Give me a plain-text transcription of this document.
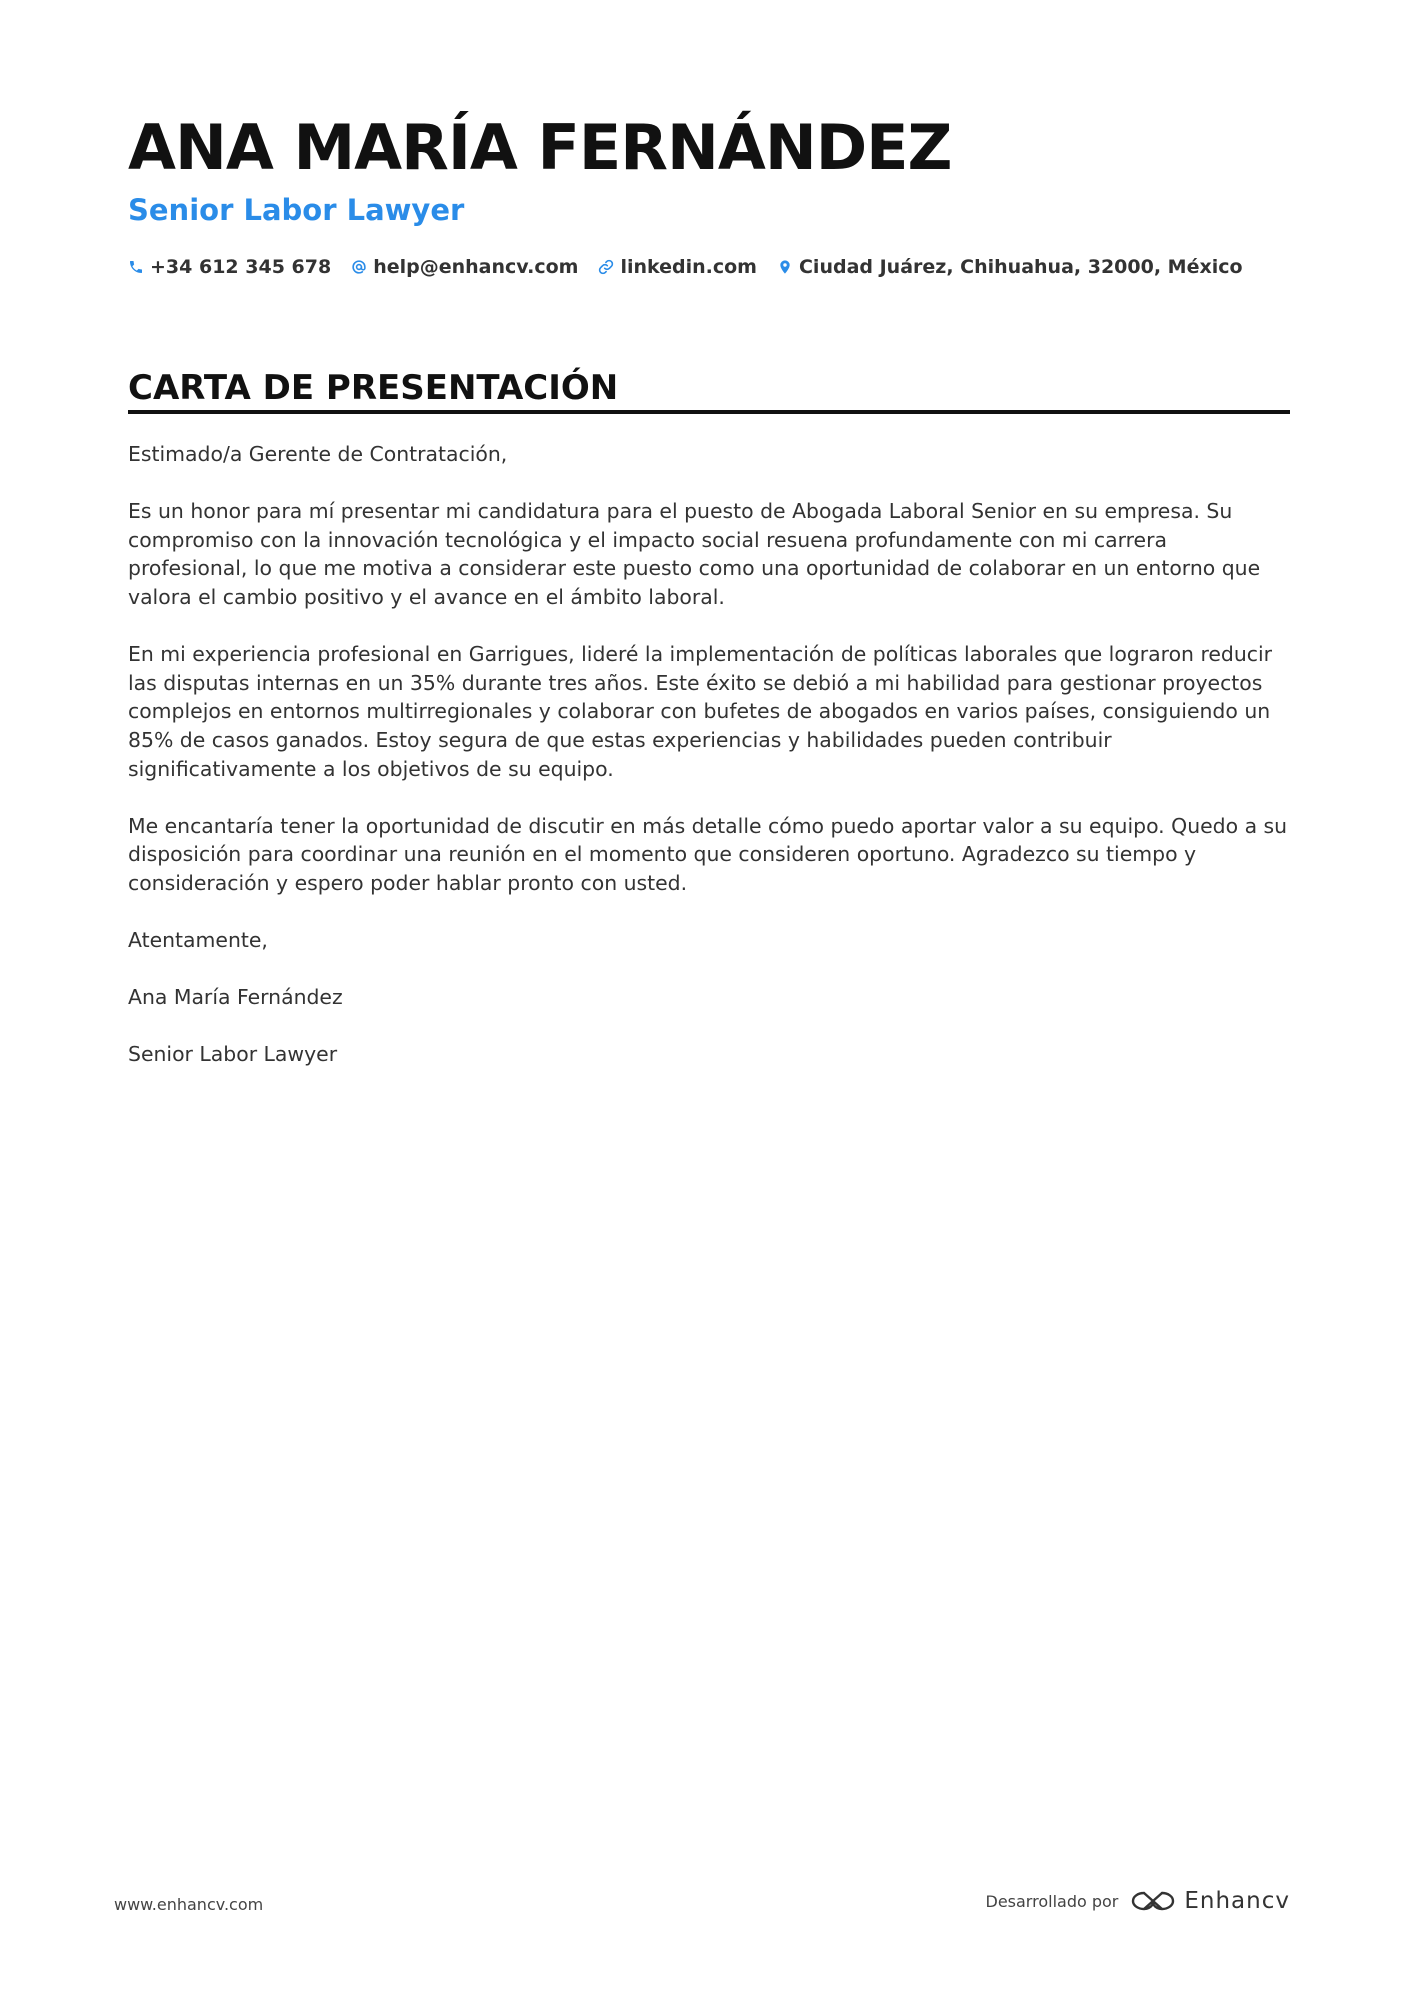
ANA MARÍA FERNÁNDEZ
Senior Labor Lawyer
+34 612 345 678 help@enhancv.com linkedin.com Ciudad Juárez, Chihuahua, 32000, México
CARTA DE PRESENTACIÓN

Estimado/a Gerente de Contratación,

Es un honor para mí presentar mi candidatura para el puesto de Abogada Laboral Senior en su empresa. Su compromiso con la innovación tecnológica y el impacto social resuena profundamente con mi carrera profesional, lo que me motiva a considerar este puesto como una oportunidad de colaborar en un entorno que valora el cambio positivo y el avance en el ámbito laboral.

En mi experiencia profesional en Garrigues, lideré la implementación de políticas laborales que lograron reducir las disputas internas en un 35% durante tres años. Este éxito se debió a mi habilidad para gestionar proyectos complejos en entornos multirregionales y colaborar con bufetes de abogados en varios países, consiguiendo un 85% de casos ganados. Estoy segura de que estas experiencias y habilidades pueden contribuir significativamente a los objetivos de su equipo.

Me encantaría tener la oportunidad de discutir en más detalle cómo puedo aportar valor a su equipo. Quedo a su disposición para coordinar una reunión en el momento que consideren oportuno. Agradezco su tiempo y consideración y espero poder hablar pronto con usted.

Atentamente,

Ana María Fernández

Senior Labor Lawyer

www.enhancv.com	Desarrollado por	Enhancv
